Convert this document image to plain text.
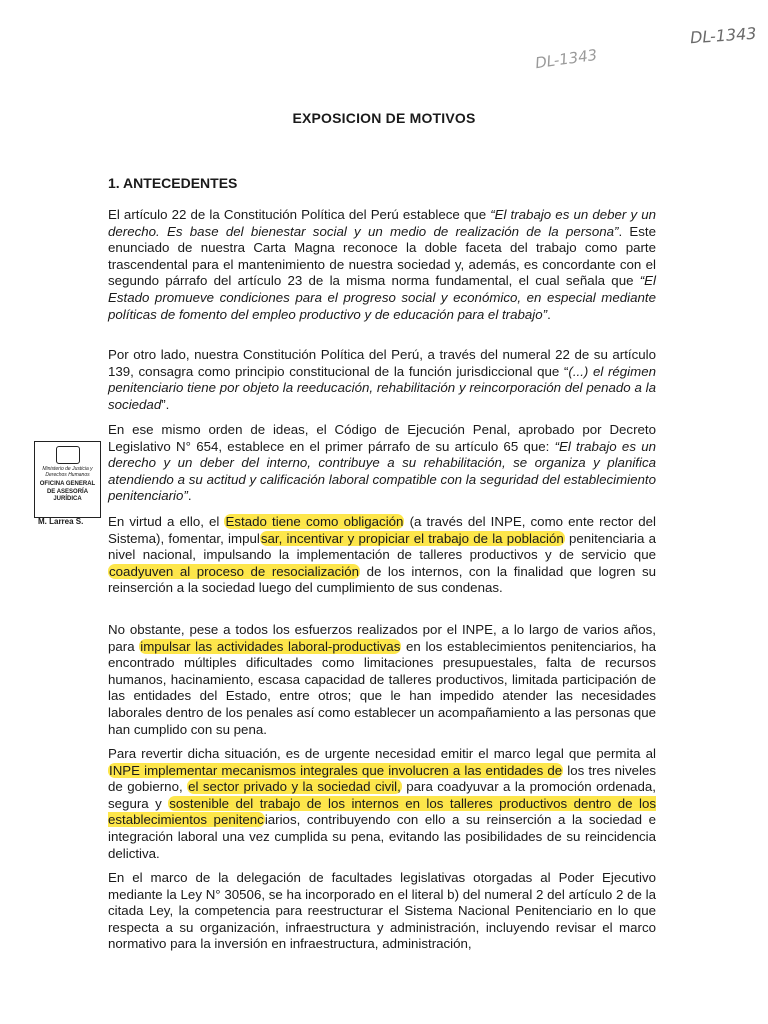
DL-1343
DL-1343
EXPOSICION DE MOTIVOS
1. ANTECEDENTES

El artículo 22 de la Constitución Política del Perú establece que “El trabajo es un deber y un derecho. Es base del bienestar social y un medio de realización de la persona”. Este enunciado de nuestra Carta Magna reconoce la doble faceta del trabajo como parte trascendental para el mantenimiento de nuestra sociedad y, además, es concordante con el segundo párrafo del artículo 23 de la misma norma fundamental, el cual señala que “El Estado promueve condiciones para el progreso social y económico, en especial mediante políticas de fomento del empleo productivo y de educación para el trabajo”.

Por otro lado, nuestra Constitución Política del Perú, a través del numeral 22 de su artículo 139, consagra como principio constitucional de la función jurisdiccional que “(...) el régimen penitenciario tiene por objeto la reeducación, rehabilitación y reincorporación del penado a la sociedad”.

En ese mismo orden de ideas, el Código de Ejecución Penal, aprobado por Decreto Legislativo N° 654, establece en el primer párrafo de su artículo 65 que: “El trabajo es un derecho y un deber del interno, contribuye a su rehabilitación, se organiza y planifica atendiendo a su actitud y calificación laboral compatible con la seguridad del establecimiento penitenciario”.

Ministerio de Justicia y Derechos Humanos
OFICINA GENERAL DE ASESORÍA JURÍDICA
M. Larrea S. En virtud a ello, el Estado tiene como obligación (a través del INPE, como ente rector del Sistema), fomentar, impulsar, incentivar y propiciar el trabajo de la población penitenciaria a nivel nacional, impulsando la implementación de talleres productivos y de servicio que coadyuven al proceso de resocialización de los internos, con la finalidad que logren su reinserción a la sociedad luego del cumplimiento de sus condenas.

No obstante, pese a todos los esfuerzos realizados por el INPE, a lo largo de varios años, para impulsar las actividades laboral-productivas en los establecimientos penitenciarios, ha encontrado múltiples dificultades como limitaciones presupuestales, falta de recursos humanos, hacinamiento, escasa capacidad de talleres productivos, limitada participación de las entidades del Estado, entre otros; que le han impedido atender las necesidades laborales dentro de los penales así como establecer un acompañamiento a las personas que han cumplido con su pena.

Para revertir dicha situación, es de urgente necesidad emitir el marco legal que permita al INPE implementar mecanismos integrales que involucren a las entidades de los tres niveles de gobierno, el sector privado y la sociedad civil, para coadyuvar a la promoción ordenada, segura y sostenible del trabajo de los internos en los talleres productivos dentro de los establecimientos penitenciarios, contribuyendo con ello a su reinserción a la sociedad e integración laboral una vez cumplida su pena, evitando las posibilidades de su reincidencia delictiva.

En el marco de la delegación de facultades legislativas otorgadas al Poder Ejecutivo mediante la Ley N° 30506, se ha incorporado en el literal b) del numeral 2 del artículo 2 de la citada Ley, la competencia para reestructurar el Sistema Nacional Penitenciario en lo que respecta a su organización, infraestructura y administración, incluyendo revisar el marco normativo para la inversión en infraestructura, administración,
